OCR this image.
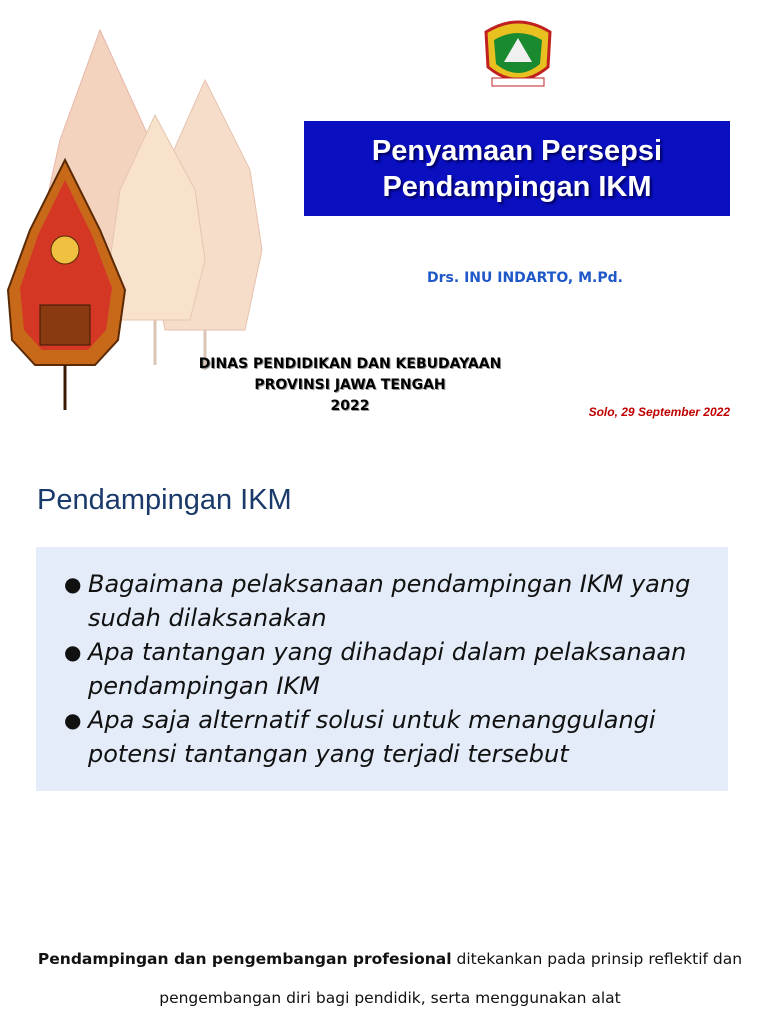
Penyamaan Persepsi
Pendampingan IKM
Drs. INU INDARTO, M.Pd.
DINAS PENDIDIKAN DAN KEBUDAYAAN
PROVINSI JAWA TENGAH
2022	Solo, 29 September 2022
Pendampingan IKM
● Bagaimana pelaksanaan pendampingan IKM yang sudah dilaksanakan
● Apa tantangan yang dihadapi dalam pelaksanaan pendampingan IKM
● Apa saja alternatif solusi untuk menanggulangi potensi tantangan yang terjadi tersebut
Pendampingan dan pengembangan profesional ditekankan pada prinsip reflektif dan pengembangan diri bagi pendidik, serta menggunakan alat
